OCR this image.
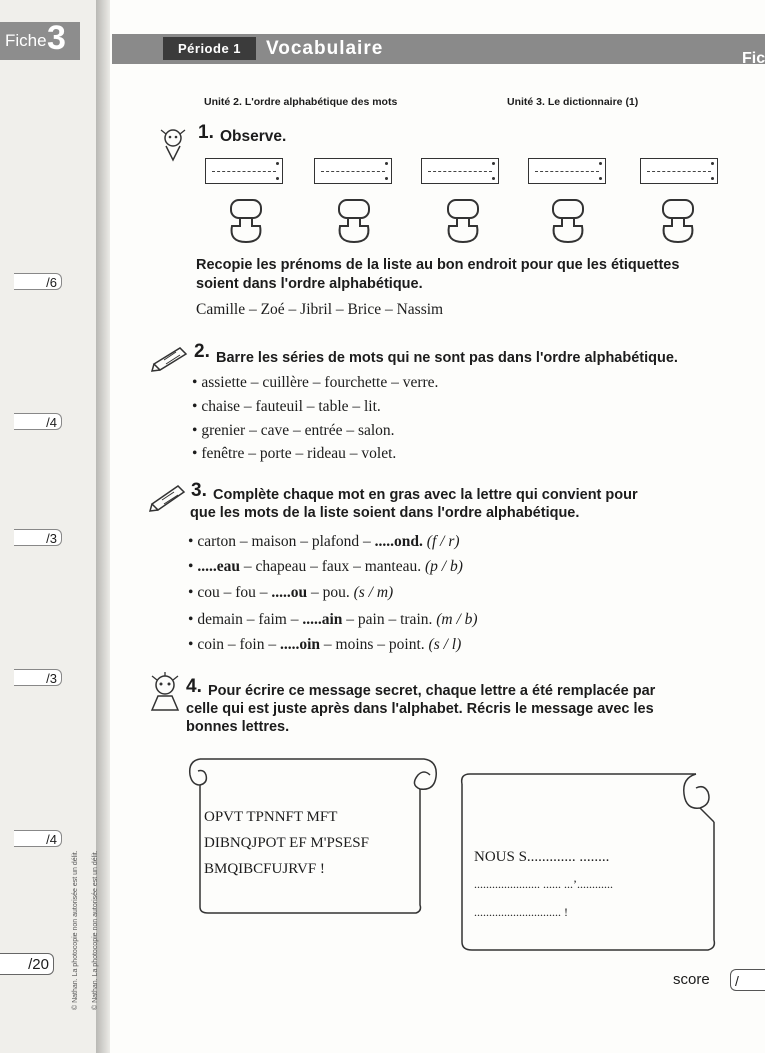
Fiche 3
/6
/4
/3
/3
/4
/20	© Nathan. La photocopie non autorisée est un délit. © Nathan. La photocopie non autorisée est un délit.
Période 1	Vocabulaire	Fic
Unité 2. L'ordre alphabétique des mots	Unité 3. Le dictionnaire (1)
1. Observe.
Recopie les prénoms de la liste au bon endroit pour que les étiquettes
soient dans l'ordre alphabétique.
Camille – Zoé – Jibril – Brice – Nassim
2. Barre les séries de mots qui ne sont pas dans l'ordre alphabétique.
• assiette – cuillère – fourchette – verre.
• chaise – fauteuil – table – lit.
• grenier – cave – entrée – salon.
• fenêtre – porte – rideau – volet.
3. Complète chaque mot en gras avec la lettre qui convient pour
que les mots de la liste soient dans l'ordre alphabétique.
• carton – maison – plafond – .....ond. (f / r)
• .....eau – chapeau – faux – manteau. (p / b)
• cou – fou – .....ou – pou. (s / m)
• demain – faim – .....ain – pain – train. (m / b)
• coin – foin – .....oin – moins – point. (s / l)
4. Pour écrire ce message secret, chaque lettre a été remplacée par
celle qui est juste après dans l'alphabet. Récris le message avec les
bonnes lettres.
OPVT TPNNFT MFT
DIBNQJPOT EF M'PSESF
BMQIBCFUJRVF !
NOUS S............. ........
...................... ...... ...’............
............................. !
score	/
